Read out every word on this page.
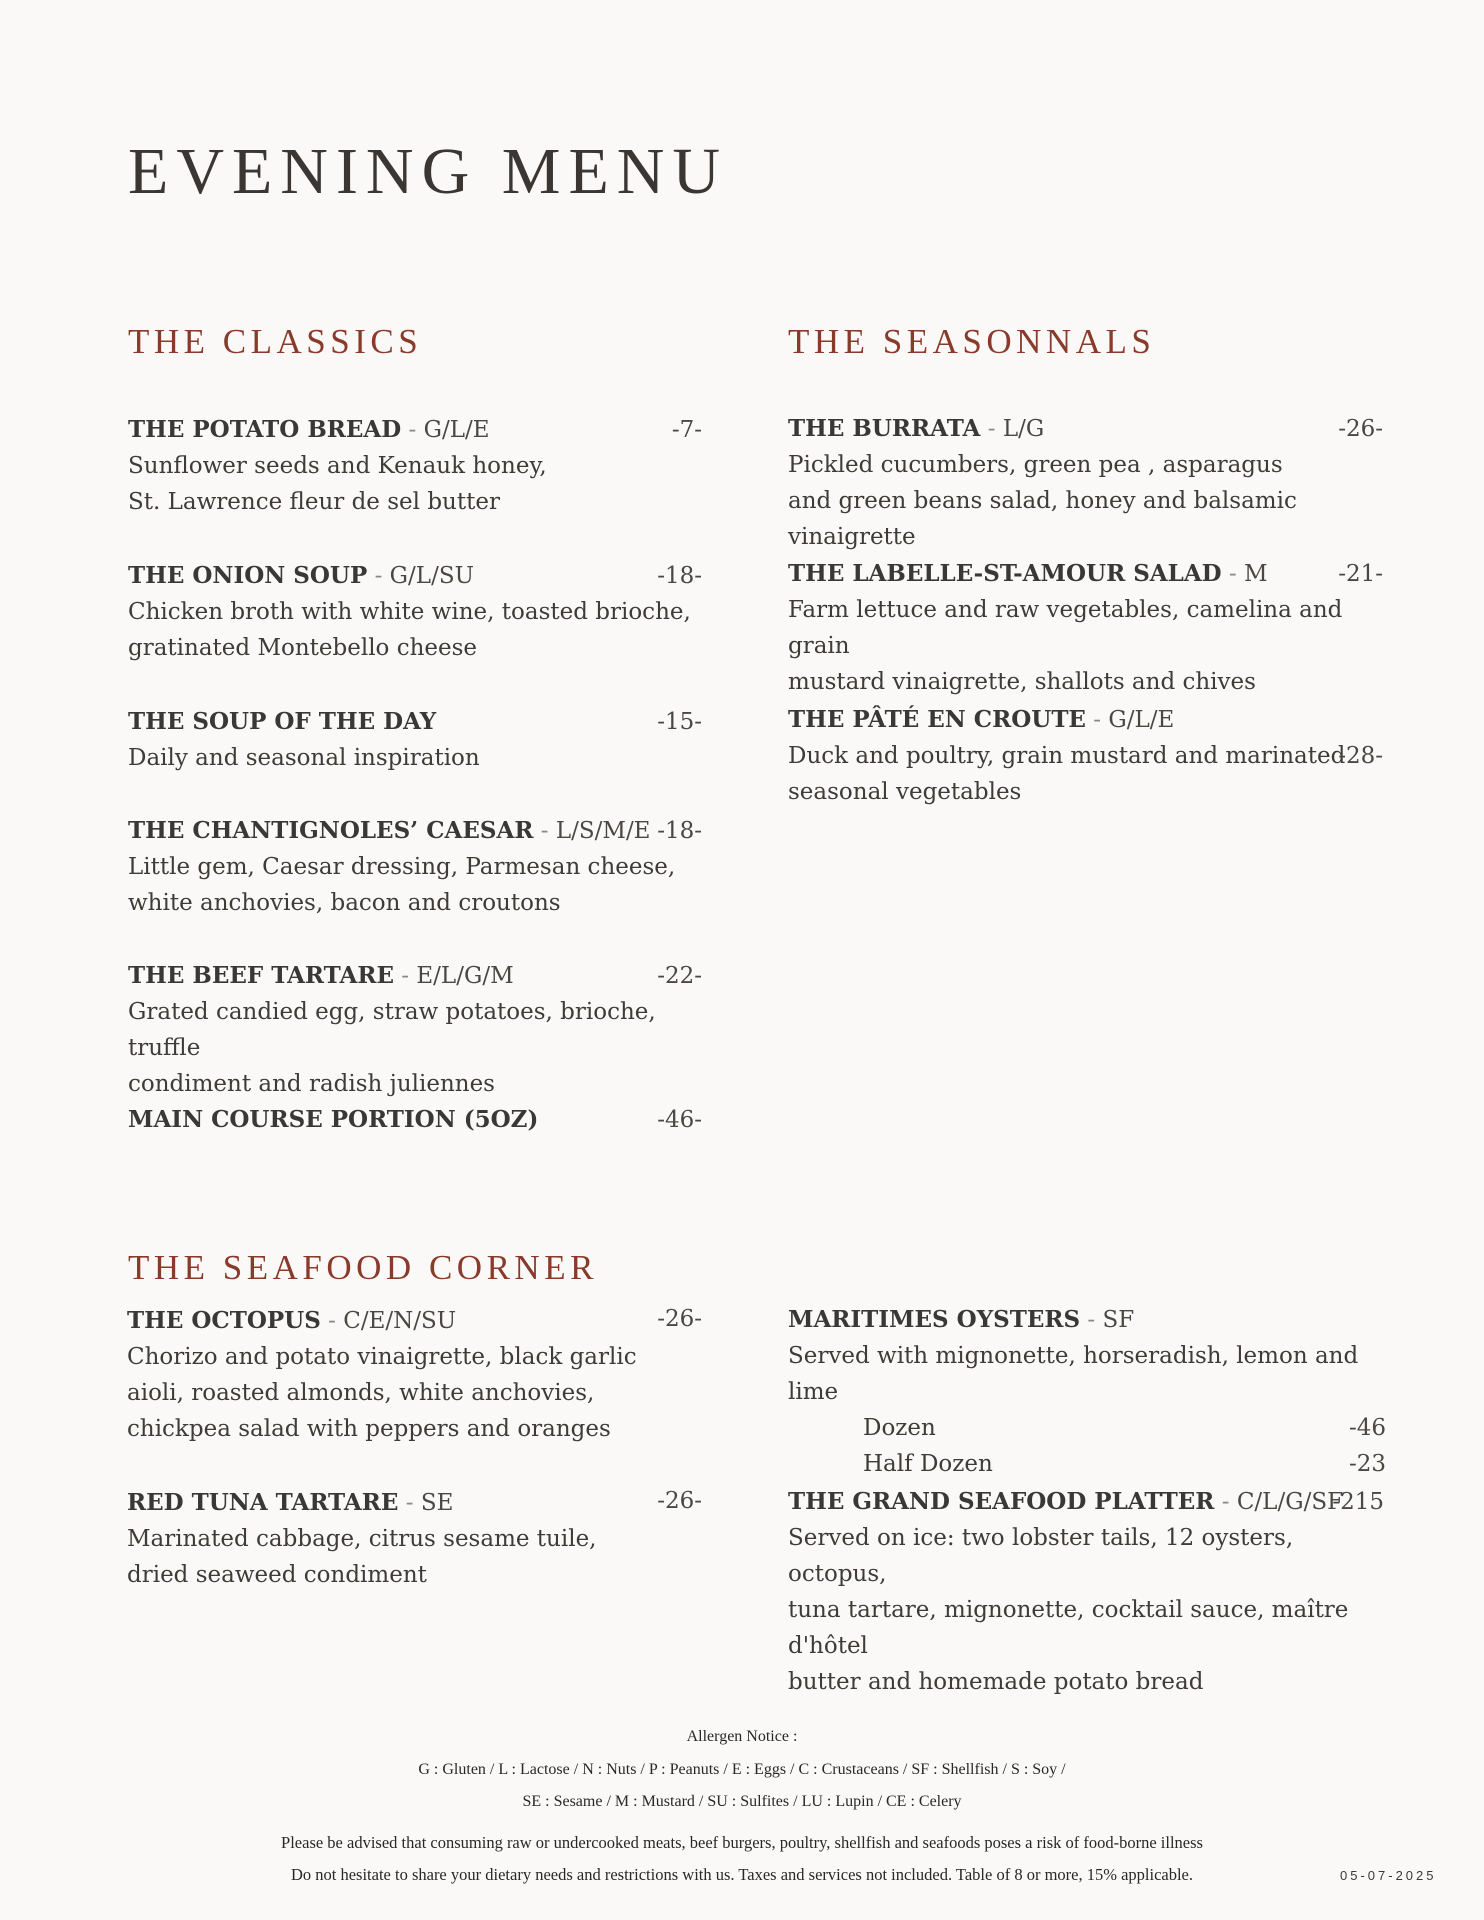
EVENING MENU
THE CLASSICS
THE POTATO BREAD - G/L/E	-7-
Sunflower seeds and Kenauk honey,
St. Lawrence fleur de sel butter
THE ONION SOUP - G/L/SU	-18-
Chicken broth with white wine, toasted brioche,
gratinated Montebello cheese
THE SOUP OF THE DAY	-15-
Daily and seasonal inspiration
THE CHANTIGNOLES’ CAESAR - L/S/M/E -18-
Little gem, Caesar dressing, Parmesan cheese,
white anchovies, bacon and croutons
THE BEEF TARTARE - E/L/G/M	-22-
Grated candied egg, straw potatoes, brioche, truffle
condiment and radish juliennes
MAIN COURSE PORTION (5OZ)	-46-
THE SEASONNALS
THE BURRATA - L/G	-26-
Pickled cucumbers, green pea , asparagus
and green beans salad, honey and balsamic vinaigrette
THE LABELLE-ST-AMOUR SALAD - M	-21-
Farm lettuce and raw vegetables, camelina and grain
mustard vinaigrette, shallots and chives
THE PÂTÉ EN CROUTE - G/L/E
Duck and poultry, grain mustard and marinated
-28-
seasonal vegetables
THE SEAFOOD CORNER
THE OCTOPUS - C/E/N/SU	-26-
Chorizo and potato vinaigrette, black garlic
aioli, roasted almonds, white anchovies,
chickpea salad with peppers and oranges
RED TUNA TARTARE - SE	-26-
Marinated cabbage, citrus sesame tuile,
dried seaweed condiment
MARITIMES OYSTERS - SF
Served with mignonette, horseradish, lemon and lime
Dozen	-46
Half Dozen	-23
THE GRAND SEAFOOD PLATTER - C/L/G/SF
-215
Served on ice: two lobster tails, 12 oysters, octopus,
tuna tartare, mignonette, cocktail sauce, maître d'hôtel
butter and homemade potato bread
Allergen Notice :
G : Gluten / L : Lactose / N : Nuts / P : Peanuts / E : Eggs / C : Crustaceans / SF : Shellfish / S : Soy /
SE : Sesame / M : Mustard / SU : Sulfites / LU : Lupin / CE : Celery
Please be advised that consuming raw or undercooked meats, beef burgers, poultry, shellfish and seafoods poses a risk of food-borne illness
Do not hesitate to share your dietary needs and restrictions with us. Taxes and services not included. Table of 8 or more, 15% applicable.	05-07-2025
